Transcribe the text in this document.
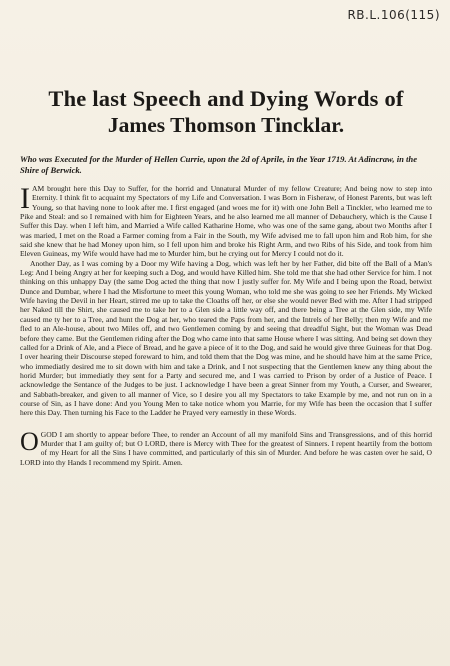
RB.L.106(115)
The last Speech and Dying Words of
James Thomson Tincklar.

Who was Executed for the Murder of Hellen Currie, upon the 2d of Aprile, in the Year 1719. At Adincraw, in the Shire of Berwick.

I AM brought here this Day to Suffer, for the horrid and Unnatural Murder of my fellow Creature; And being now to step into Eternity. I think fit to acquaint my Spectators of my Life and Conversation. I was Born in Fisheraw, of Honest Parents, but was left Young, so that having none to look after me. I first engaged (and woes me for it) with one John Bell a Tinckler, who learned me to Pike and Steal: and so I remained with him for Eighteen Years, and he also learned me all manner of Debauchery, which is the Cause I Suffer this Day. when I left him, and Married a Wife called Katharine Home, who was one of the same gang, about two Months after I was maried, I met on the Road a Farmer coming from a Fair in the South, my Wife advised me to fall upon him and Rob him, for she said she knew that he had Money upon him, so I fell upon him and broke his Right Arm, and two Ribs of his Side, and took from him Eleven Guineas, my Wife would have had me to Murder him, but he crying out for Mercy I could not do it.

Another Day, as I was coming by a Door my Wife having a Dog, which was left her by her Father, did bite off the Ball of a Man's Leg: And I being Angry at her for keeping such a Dog, and would have Killed him. She told me that she had other Service for him. I not thinking on this unhappy Day (the same Dog acted the thing that now I justly suffer for. My Wife and I being upon the Road, betwixt Dunce and Dumbar, where I had the Misfortune to meet this young Woman, who told me she was going to see her Friends. My Wicked Wife having the Devil in her Heart, stirred me up to take the Cloaths off her, or else she would never Bed with me. After I had stripped her Naked till the Shirt, she caused me to take her to a Glen side a little way off, and there being a Tree at the Glen side, my Wife caused me ty her to a Tree, and hunt the Dog at her, who teared the Paps from her, and the Intrels of her Belly; then my Wife and me fled to an Ale-house, about two Miles off, and two Gentlemen coming by and seeing that dreadful Sight, but the Woman was Dead before they came. But the Gentlemen riding after the Dog who came into that same House where I was sitting. And being set down they called for a Drink of Ale, and a Piece of Bread, and he gave a piece of it to the Dog, and said he would give three Guineas for that Dog. I over hearing their Discourse steped foreward to him, and told them that the Dog was mine, and he should have him at the same Price, who immediatly desired me to sit down with him and take a Drink, and I not suspecting that the Gentlemen knew any thing about the horid Murder; but immediatly they sent for a Party and secured me, and I was carried to Prison by order of a Justice of Peace. I acknowledge the Sentance of the Judges to be just. I acknowledge I have been a great Sinner from my Youth, a Curser, and Swearer, and Sabbath-breaker, and given to all manner of Vice, so I desire you all my Spectators to take Example by me, and not run on in a course of Sin, as I have done: And you Young Men to take notice whom you Marrie, for my Wife has been the occasion that I suffer here this Day. Then turning his Face to the Ladder he Prayed very earnestly in these Words.

O GOD I am shortly to appear before Thee, to render an Account of all my manifold Sins and Transgressions, and of this horrid Murder that I am guilty of; but O LORD, there is Mercy with Thee for the greatest of Sinners. I repent heartily from the bottom of my Heart for all the Sins I have committed, and particularly of this sin of Murder. And before he was casten over he said, O LORD into thy Hands I recommend my Spirit. Amen.
